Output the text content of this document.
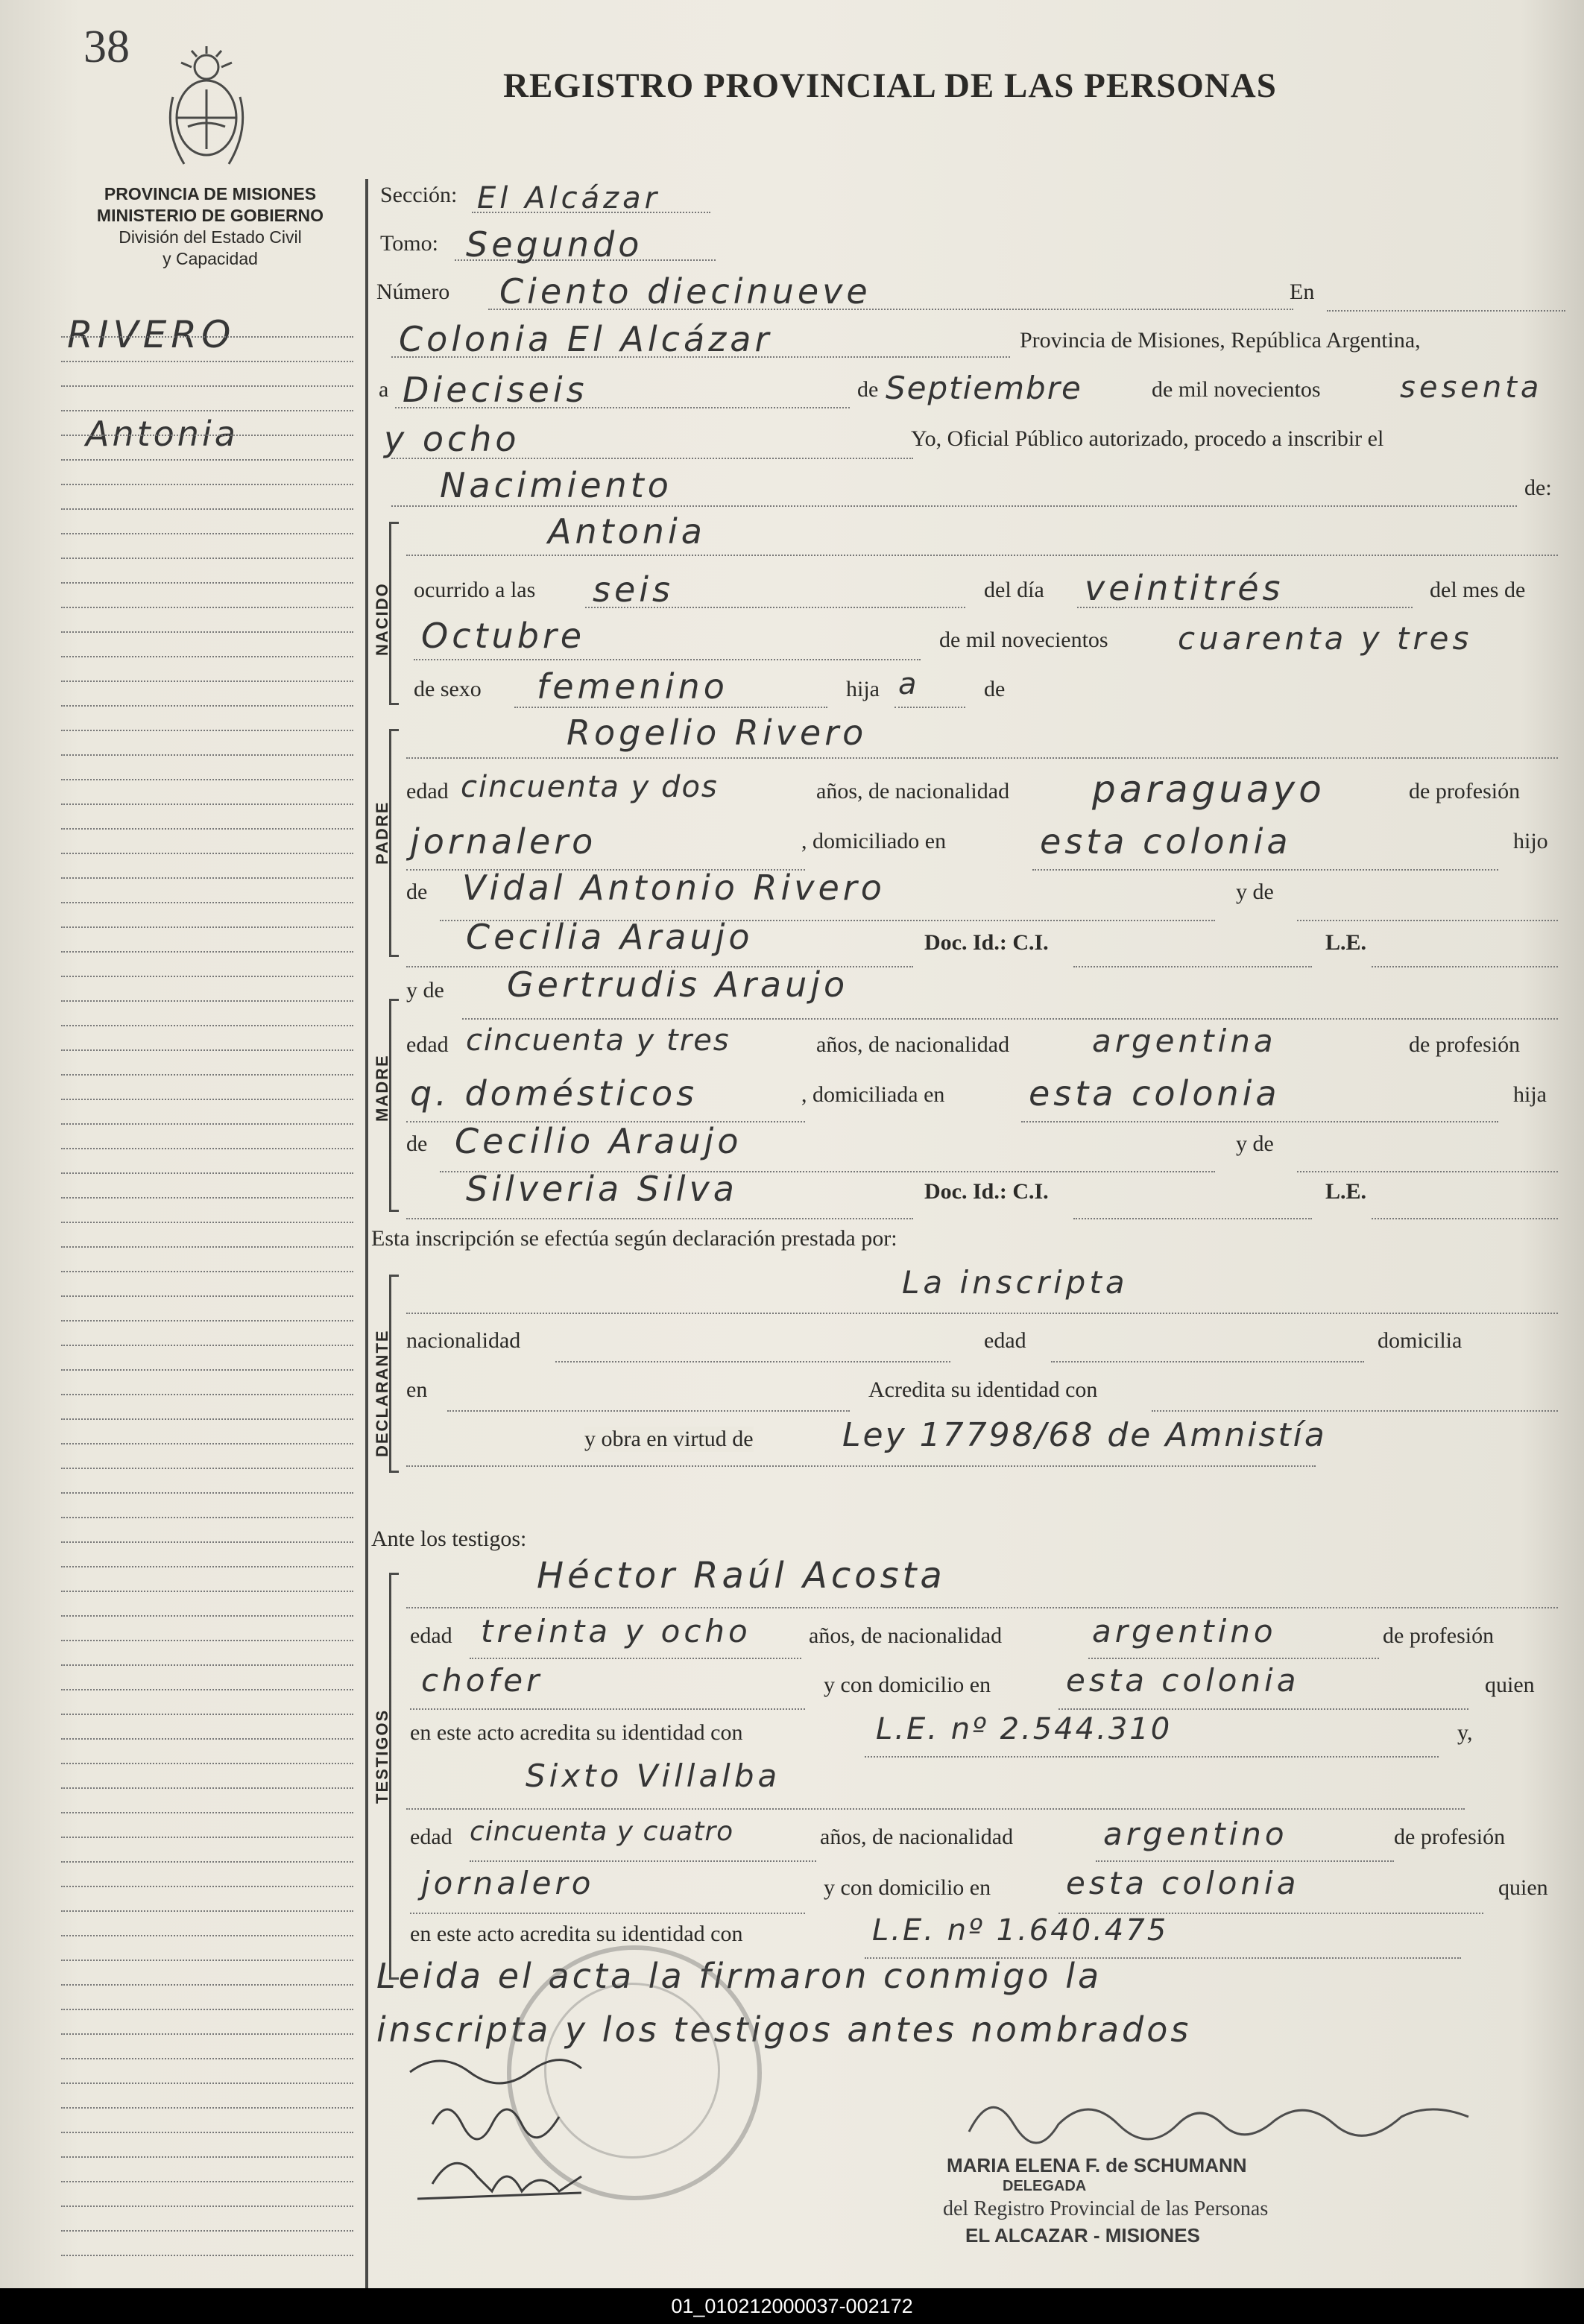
38
REGISTRO PROVINCIAL DE LAS PERSONAS
PROVINCIA DE MISIONES
MINISTERIO DE GOBIERNO
División del Estado Civil
y Capacidad
RIVERO
Antonia
Sección: El Alcázar
Tomo: Segundo
Número Ciento diecinueve	En
Colonia El Alcázar	Provincia de Misiones, República Argentina,
a Dieciseis	de Septiembre	de mil novecientos	sesenta
y ocho	Yo, Oficial Público autorizado, procedo a inscribir el
Nacimiento	de:
NACIDO
Antonia
ocurrido a las seis	del día veintitrés	del mes de
Octubre	de mil novecientos cuarenta y tres
de sexo femenino	hija a	de
PADRE
Rogelio Rivero
edad cincuenta y dos	años, de nacionalidad paraguayo	de profesión
jornalero	, domiciliado en	esta colonia	hijo
de Vidal Antonio Rivero	y de
Cecilia Araujo	Doc. Id.: C.I.	L.E.
y de
MADRE
Gertrudis Araujo
edad cincuenta y tres	años, de nacionalidad	argentina	de profesión
q. domésticos	, domiciliada en esta colonia	hija
de Cecilio Araujo	y de
Silveria Silva	Doc. Id.: C.I.	L.E.
Esta inscripción se efectúa según declaración prestada por:
DECLARANTE
La inscripta
nacionalidad	edad	domicilia
en	Acredita su identidad con
y obra en virtud de	Ley 17798/68 de Amnistía
Ante los testigos:
TESTIGOS
Héctor Raúl Acosta
edad treinta y ocho	años, de nacionalidad	argentino	de profesión
chofer	y con domicilio en esta colonia	quien
en este acto acredita su identidad con	L.E. nº 2.544.310	y,
Sixto Villalba
edad cincuenta y cuatro	años, de nacionalidad	argentino	de profesión
jornalero	y con domicilio en esta colonia	quien
en este acto acredita su identidad con	L.E. nº 1.640.475
Leida el acta la firmaron conmigo la
inscripta y los testigos antes nombrados
MARIA ELENA F. de SCHUMANN
DELEGADA
del Registro Provincial de las Personas
EL ALCAZAR - MISIONES
01_010212000037-002172
